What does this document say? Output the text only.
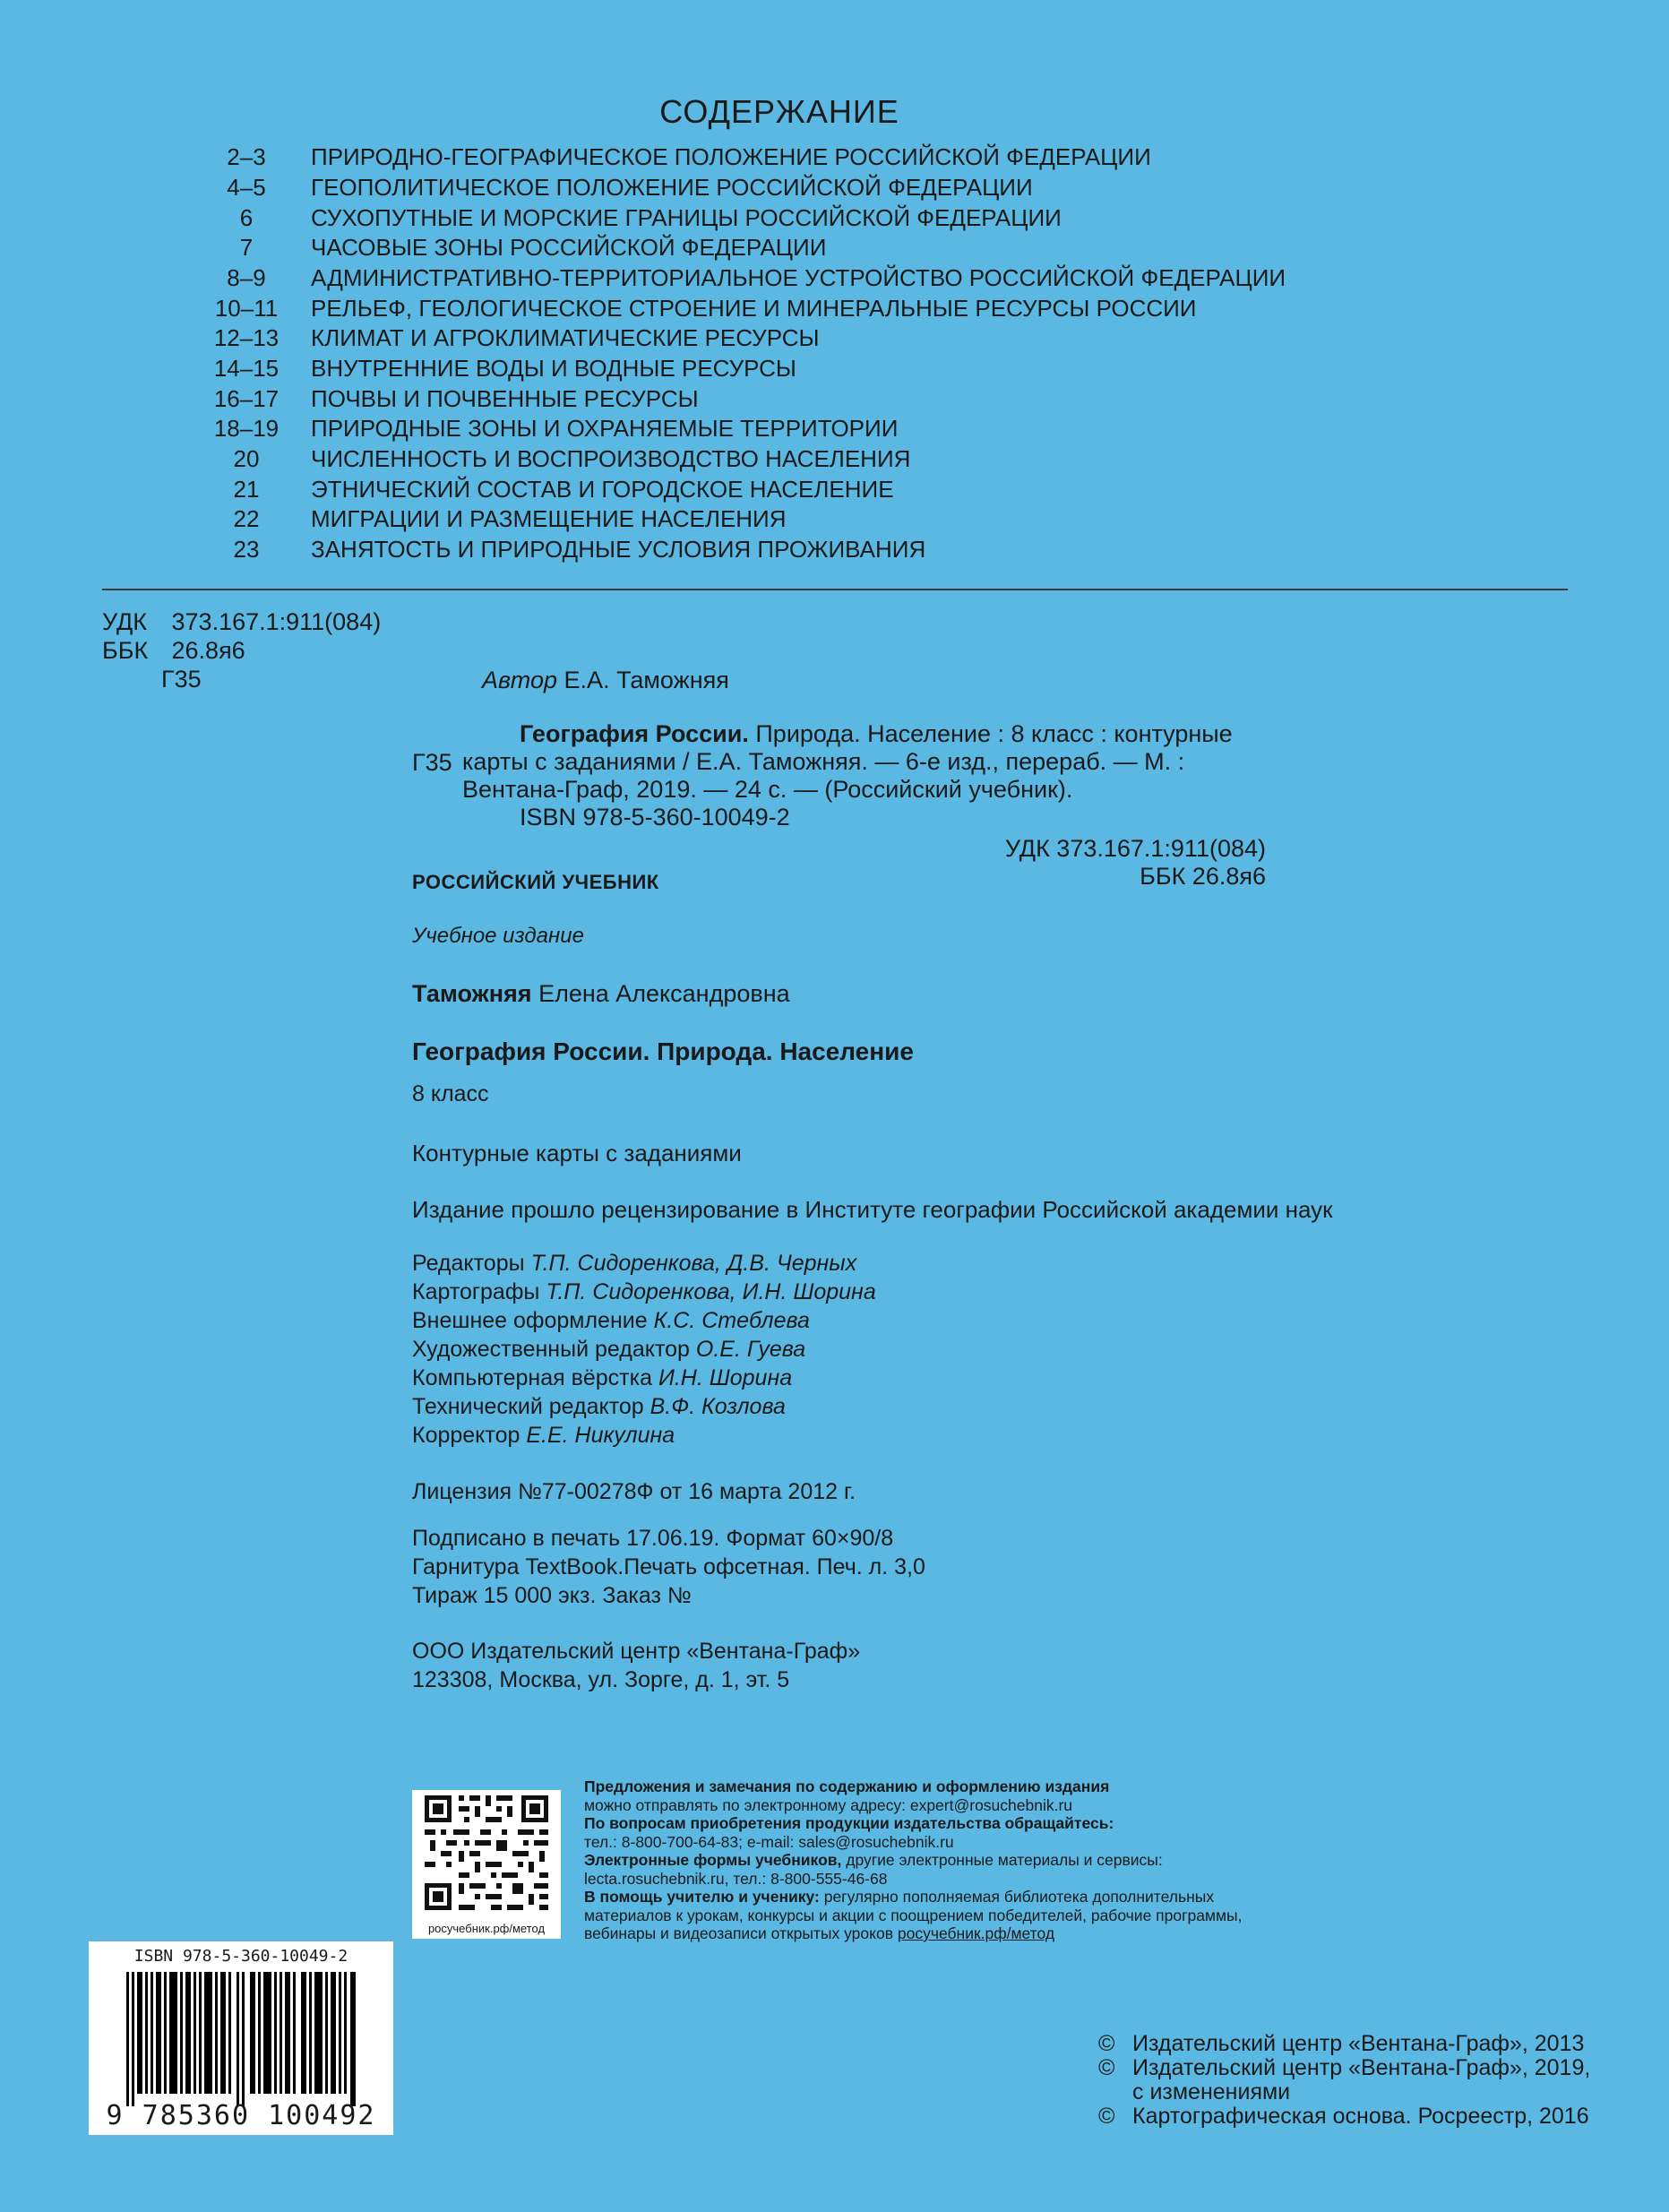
СОДЕРЖАНИЕ
2–3	ПРИРОДНО-ГЕОГРАФИЧЕСКОЕ ПОЛОЖЕНИЕ РОССИЙСКОЙ ФЕДЕРАЦИИ
4–5	ГЕОПОЛИТИЧЕСКОЕ ПОЛОЖЕНИЕ РОССИЙСКОЙ ФЕДЕРАЦИИ
6	СУХОПУТНЫЕ И МОРСКИЕ ГРАНИЦЫ РОССИЙСКОЙ ФЕДЕРАЦИИ
7	ЧАСОВЫЕ ЗОНЫ РОССИЙСКОЙ ФЕДЕРАЦИИ
8–9	АДМИНИСТРАТИВНО-ТЕРРИТОРИАЛЬНОЕ УСТРОЙСТВО РОССИЙСКОЙ ФЕДЕРАЦИИ
10–11	РЕЛЬЕФ, ГЕОЛОГИЧЕСКОЕ СТРОЕНИЕ И МИНЕРАЛЬНЫЕ РЕСУРСЫ РОССИИ
12–13	КЛИМАТ И АГРОКЛИМАТИЧЕСКИЕ РЕСУРСЫ
14–15	ВНУТРЕННИЕ ВОДЫ И ВОДНЫЕ РЕСУРСЫ
16–17	ПОЧВЫ И ПОЧВЕННЫЕ РЕСУРСЫ
18–19	ПРИРОДНЫЕ ЗОНЫ И ОХРАНЯЕМЫЕ ТЕРРИТОРИИ
20	ЧИСЛЕННОСТЬ И ВОСПРОИЗВОДСТВО НАСЕЛЕНИЯ
21	ЭТНИЧЕСКИЙ СОСТАВ И ГОРОДСКОЕ НАСЕЛЕНИЕ
22	МИГРАЦИИ И РАЗМЕЩЕНИЕ НАСЕЛЕНИЯ
23	ЗАНЯТОСТЬ И ПРИРОДНЫЕ УСЛОВИЯ ПРОЖИВАНИЯ
УДК 373.167.1:911(084)
ББК 26.8я6
Г35	Автор Е.А. Таможняя
Г35
География России. Природа. Население : 8 класс : контурные
карты с заданиями / Е.А. Таможняя. — 6-е изд., перераб. — М. :
Вентана-Граф, 2019. — 24 с. — (Российский учебник).
ISBN 978-5-360-10049-2
УДК 373.167.1:911(084)
ББК 26.8я6
РОССИЙСКИЙ УЧЕБНИК
Учебное издание
Таможняя Елена Александровна
География России. Природа. Население
8 класс
Контурные карты с заданиями
Издание прошло рецензирование в Институте географии Российской академии наук
Редакторы Т.П. Сидоренкова, Д.В. Черных
Картографы Т.П. Сидоренкова, И.Н. Шорина
Внешнее оформление К.С. Стеблева
Художественный редактор О.Е. Гуева
Компьютерная вёрстка И.Н. Шорина
Технический редактор В.Ф. Козлова
Корректор Е.Е. Никулина
Лицензия №77-00278Ф от 16 марта 2012 г.
Подписано в печать 17.06.19. Формат 60×90/8
Гарнитура TextBook.Печать офсетная. Печ. л. 3,0
Тираж 15 000 экз. Заказ №
ООО Издательский центр «Вентана-Граф»
123308, Москва, ул. Зорге, д. 1, эт. 5
росучебник.рф/метод
Предложения и замечания по содержанию и оформлению издания
можно отправлять по электронному адресу: expert@rosuchebnik.ru
По вопросам приобретения продукции издательства обращайтесь:
тел.: 8-800-700-64-83; e-mail: sales@rosuchebnik.ru
Электронные формы учебников, другие электронные материалы и сервисы:
lecta.rosuchebnik.ru, тел.: 8-800-555-46-68
В помощь учителю и ученику: регулярно пополняемая библиотека дополнительных
материалов к урокам, конкурсы и акции с поощрением победителей, рабочие программы,
вебинары и видеозаписи открытых уроков росучебник.рф/метод
ISBN 978-5-360-10049-2
9 785360 100492
© Издательский центр «Вентана-Граф», 2013
© Издательский центр «Вентана-Граф», 2019,
с изменениями
© Картографическая основа. Росреестр, 2016
